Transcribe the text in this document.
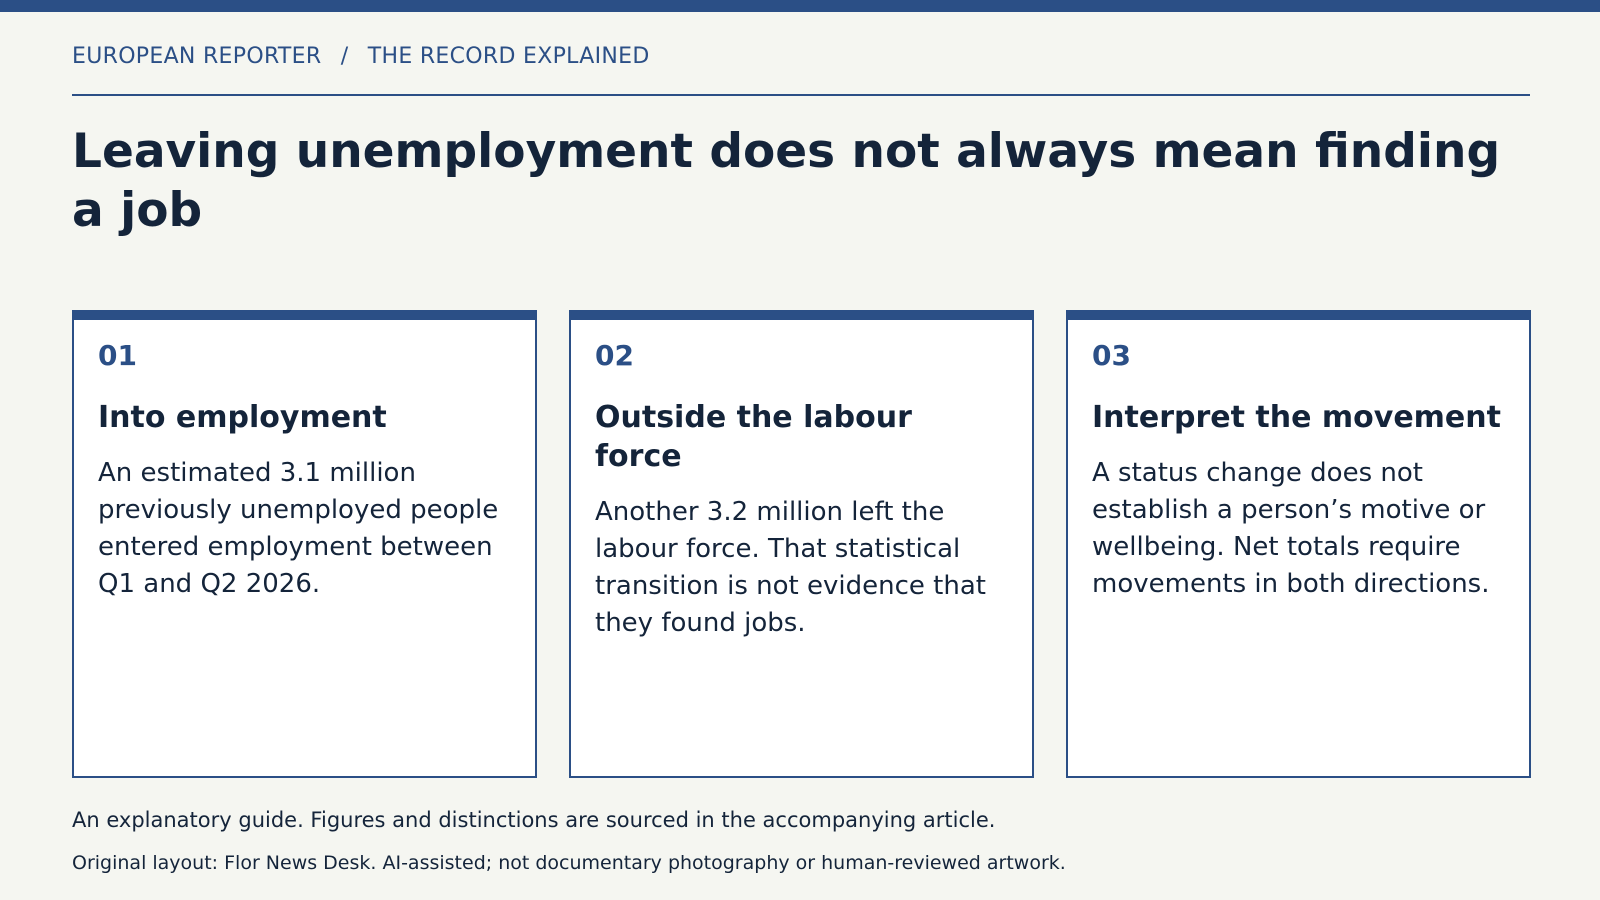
EUROPEAN REPORTER / THE RECORD EXPLAINED
Leaving unemployment does not always mean finding a job
01
Into employment
An estimated 3.1 million previously unemployed people entered employment between Q1 and Q2 2026.
02
Outside the labour force
Another 3.2 million left the labour force. That statistical transition is not evidence that they found jobs.
03
Interpret the movement
A status change does not establish a person’s motive or wellbeing. Net totals require movements in both directions.
An explanatory guide. Figures and distinctions are sourced in the accompanying article.
Original layout: Flor News Desk. AI-assisted; not documentary photography or human-reviewed artwork.
